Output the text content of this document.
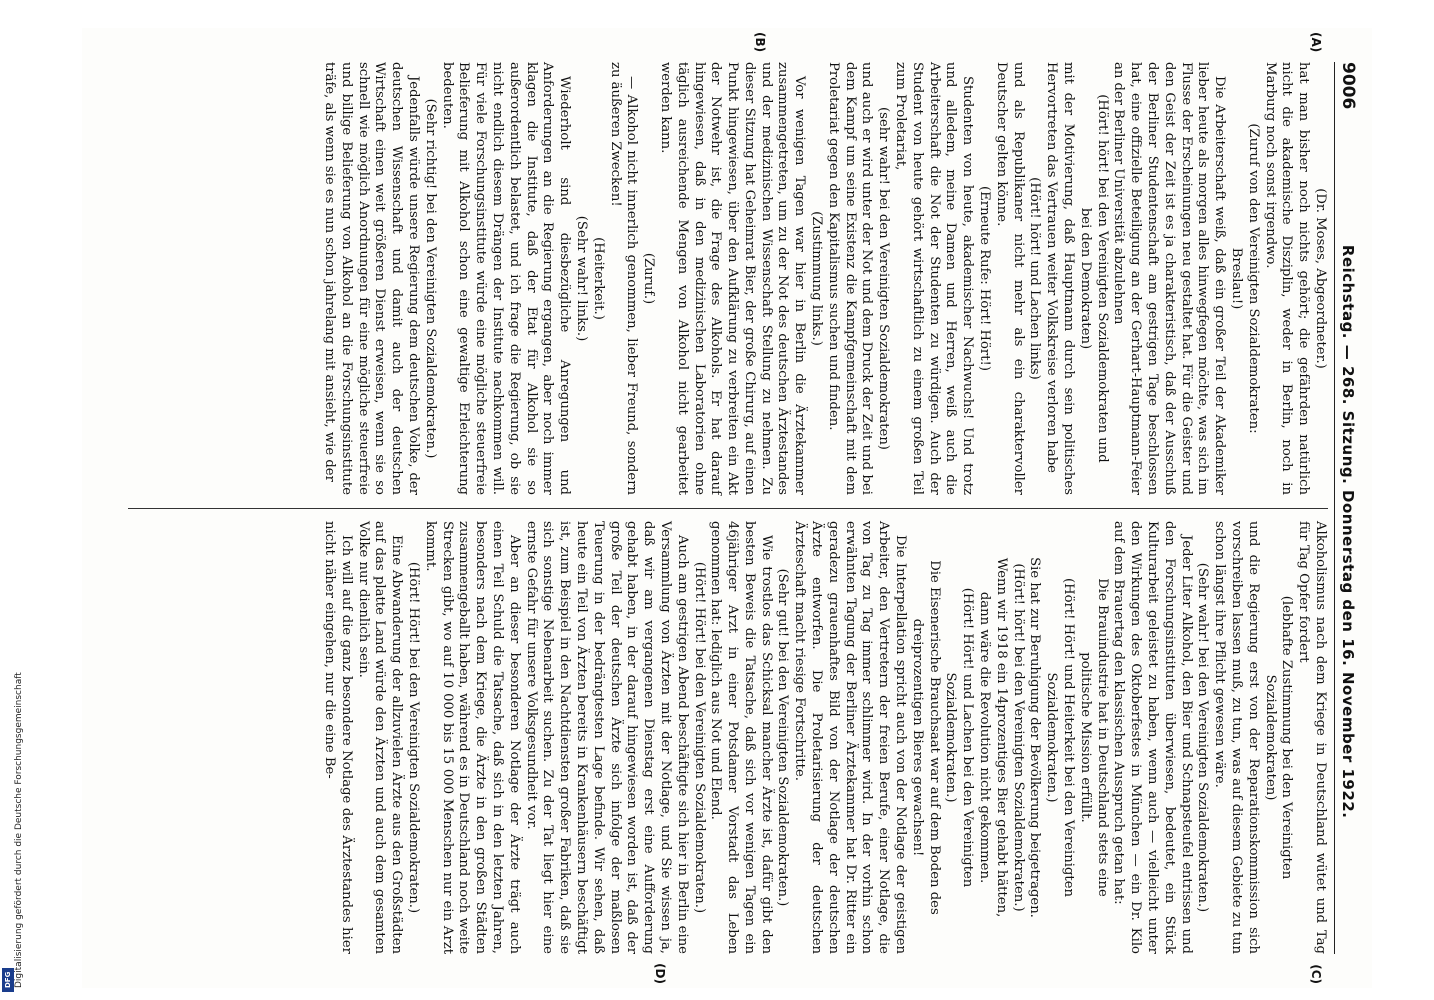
9006
Reichstag. — 268. Sitzung. Donnerstag den 16. November 1922.
(A)
(B)

(Dr. Moses, Abgeordneter.)

hat man bisher noch nichts gehört; die gefährden natürlich nicht die akademische Disziplin, weder in Berlin, noch in Marburg noch sonst irgendwo.

(Zuruf von den Vereinigten Sozialdemokraten: Breslau!)

Die Arbeiterschaft weiß, daß ein großer Teil der Akademiker lieber heute als morgen alles hinwegfegen möchte, was sich im Flusse der Erscheinungen neu gestaltet hat. Für die Geister und den Geist der Zeit ist es ja charakteristisch, daß der Ausschuß der Berliner Studentenschaft am gestrigen Tage beschlossen hat, eine offizielle Beteiligung an der Gerhart-Hauptmann-Feier an der Berliner Universität abzulehnen

(Hört! hört! bei den Vereinigten Sozialdemokraten und bei den Demokraten)

mit der Motivierung, daß Hauptmann durch sein politisches Hervortreten das Vertrauen weiter Volkskreise verloren habe

(Hört! hört! und Lachen links)

und als Republikaner nicht mehr als ein charaktervoller Deutscher gelten könne.

(Erneute Rufe: Hört! Hört!)

Studenten von heute, akademischer Nachwuchs! Und trotz und alledem, meine Damen und Herren, weiß auch die Arbeiterschaft die Not der Studenten zu würdigen. Auch der Student von heute gehört wirtschaftlich zu einem großen Teil zum Proletariat,

(sehr wahr! bei den Vereinigten Sozialdemokraten)

und auch er wird unter der Not und dem Druck der Zeit und bei dem Kampf um seine Existenz die Kampfgemeinschaft mit dem Proletariat gegen den Kapitalismus suchen und finden.

(Zustimmung links.)

Vor wenigen Tagen war hier in Berlin die Ärztekammer zusammengetreten, um zu der Not des deutschen Ärztestandes und der medizinischen Wissenschaft Stellung zu nehmen. Zu dieser Sitzung hat Geheimrat Bier, der große Chirurg, auf einen Punkt hingewiesen, über den Aufklärung zu verbreiten ein Akt der Notwehr ist, die Frage des Alkohols. Er hat darauf hingewiesen, daß in den medizinischen Laboratorien ohne täglich ausreichende Mengen von Alkohol nicht gearbeitet werden kann.

(Zuruf.)

— Alkohol nicht innerlich genommen, lieber Freund, sondern zu äußeren Zwecken!

(Heiterkeit.)

(Sehr wahr! links.)

Wiederholt sind diesbezügliche Anregungen und Anforderungen an die Regierung ergangen, aber noch immer klagen die Institute, daß der Etat für Alkohol sie so außerordentlich belastet, und ich frage die Regierung, ob sie nicht endlich diesem Drängen der Institute nachkommen will. Für viele Forschungsinstitute würde eine mögliche steuerfreie Belieferung mit Alkohol schon eine gewaltige Erleichterung bedeuten.

(Sehr richtig! bei den Vereinigten Sozialdemokraten.)

Jedenfalls würde unsere Regierung dem deutschen Volke, der deutschen Wissenschaft und damit auch der deutschen Wirtschaft einen weit größeren Dienst erweisen, wenn sie so schnell wie möglich Anordnungen für eine mögliche steuerfreie und billige Belieferung von Alkohol an die Forschungsinstitute träfe, als wenn sie es nun schon jahrelang mit ansieht, wie der

(C)
(D)

Alkoholismus nach dem Kriege in Deutschland wütet und Tag für Tag Opfer fordert

(lebhafte Zustimmung bei den Vereinigten Sozialdemokraten)

und die Regierung erst von der Reparationskommission sich vorschreiben lassen muß, zu tun, was auf diesem Gebiete zu tun schon längst ihre Pflicht gewesen wäre.

(Sehr wahr! bei den Vereinigten Sozialdemokraten.)

Jeder Liter Alkohol, den Bier und Schnapsteufel entrissen und den Forschungsinstituten überwiesen, bedeutet, ein Stück Kulturarbeit geleistet zu haben, wenn auch — vielleicht unter den Wirkungen des Oktoberfestes in München — ein Dr. Kilo auf dem Brauertag den klassischen Ausspruch getan hat:

Die Brauindustrie hat in Deutschland stets eine politische Mission erfüllt.

(Hört! Hört! und Heiterkeit bei den Vereinigten Sozialdemokraten.)

Sie hat zur Beruhigung der Bevölkerung beigetragen.

(Hört! hört! bei den Vereinigten Sozialdemokraten.)

Wenn wir 1918 ein 14prozentiges Bier gehabt hätten, dann wäre die Revolution nicht gekommen.

(Hört! Hört! und Lachen bei den Vereinigten Sozialdemokraten.)

Die Eisenerische Brauchsaat war auf dem Boden des dreiprozentigen Bieres gewachsen!

Die Interpellation spricht auch von der Notlage der geistigen Arbeiter, den Vertretern der freien Berufe, einer Notlage, die von Tag zu Tag immer schlimmer wird. In der vorhin schon erwähnten Tagung der Berliner Ärztekammer hat Dr. Ritter ein geradezu grauenhaftes Bild von der Notlage der deutschen Ärzte entworfen. Die Proletarisierung der deutschen Ärzteschaft macht riesige Fortschritte.

(Sehr gut! bei den Vereinigten Sozialdemokraten.)

Wie trostlos das Schicksal mancher Ärzte ist, dafür gibt den besten Beweis die Tatsache, daß sich vor wenigen Tagen ein 46jähriger Arzt in einer Potsdamer Vorstadt das Leben genommen hat: lediglich aus Not und Elend.

(Hört! Hört! bei den Vereinigten Sozialdemokraten.)

Auch am gestrigen Abend beschäftigte sich hier in Berlin eine Versammlung von Ärzten mit der Notlage, und Sie wissen ja, daß wir am vergangenen Dienstag erst eine Aufforderung gehabt haben, in der darauf hingewiesen worden ist, daß der große Teil der deutschen Ärzte sich infolge der maßlosen Teuerung in der bedrängtesten Lage befinde. Wir sehen, daß heute ein Teil von Ärzten bereits in Krankenhäusern beschäftigt ist, zum Beispiel in den Nachtdiensten großer Fabriken, daß sie sich sonstige Nebenarbeit suchen. Zu der Tat liegt hier eine ernste Gefahr für unsere Volksgesundheit vor.

Aber an dieser besonderen Notlage der Ärzte trägt auch einen Teil Schuld die Tatsache, daß sich in den letzten Jahren, besonders nach dem Kriege, die Ärzte in den großen Städten zusammengeballt haben, während es in Deutschland noch weite Strecken gibt, wo auf 10 000 bis 15 000 Menschen nur ein Arzt kommt.

(Hört! Hört! bei den Vereinigten Sozialdemokraten.)

Eine Abwanderung der allzuvielen Ärzte aus den Großstädten auf das platte Land würde den Ärzten und auch dem gesamten Volke nur dienlich sein.

Ich will auf die ganz besondere Notlage des Ärztestandes hier nicht näher eingehen, nur die eine Be-

Digitalisierung gefördert durch die Deutsche Forschungsgemeinschaft
DFG
